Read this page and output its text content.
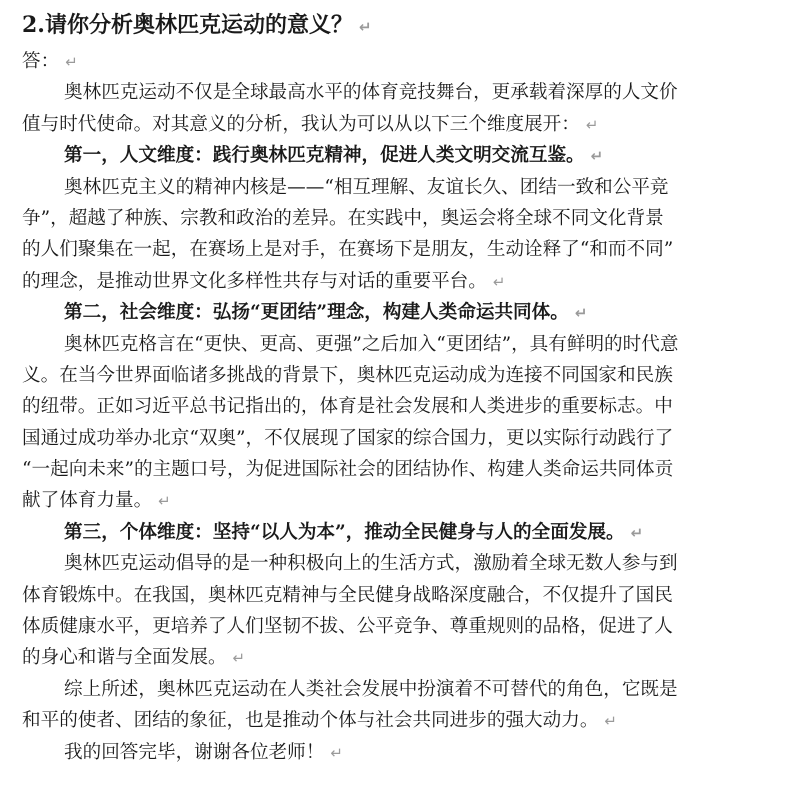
2.请你分析奥林匹克运动的意义？ ↵
答： ↵
奥林匹克运动不仅是全球最高水平的体育竞技舞台，更承载着深厚的人文价
值与时代使命。对其意义的分析，我认为可以从以下三个维度展开： ↵
第一，人文维度：践行奥林匹克精神，促进人类文明交流互鉴。 ↵
奥林匹克主义的精神内核是——“相互理解、友谊长久、团结一致和公平竞
争”，超越了种族、宗教和政治的差异。在实践中，奥运会将全球不同文化背景
的人们聚集在一起，在赛场上是对手，在赛场下是朋友，生动诠释了“和而不同”
的理念，是推动世界文化多样性共存与对话的重要平台。 ↵
第二，社会维度：弘扬“更团结”理念，构建人类命运共同体。 ↵
奥林匹克格言在“更快、更高、更强”之后加入“更团结”，具有鲜明的时代意
义。在当今世界面临诸多挑战的背景下，奥林匹克运动成为连接不同国家和民族
的纽带。正如习近平总书记指出的，体育是社会发展和人类进步的重要标志。中
国通过成功举办北京“双奥”，不仅展现了国家的综合国力，更以实际行动践行了
“一起向未来”的主题口号，为促进国际社会的团结协作、构建人类命运共同体贡
献了体育力量。 ↵
第三，个体维度：坚持“以人为本”，推动全民健身与人的全面发展。 ↵
奥林匹克运动倡导的是一种积极向上的生活方式，激励着全球无数人参与到
体育锻炼中。在我国，奥林匹克精神与全民健身战略深度融合，不仅提升了国民
体质健康水平，更培养了人们坚韧不拔、公平竞争、尊重规则的品格，促进了人
的身心和谐与全面发展。 ↵
综上所述，奥林匹克运动在人类社会发展中扮演着不可替代的角色，它既是
和平的使者、团结的象征，也是推动个体与社会共同进步的强大动力。 ↵
我的回答完毕，谢谢各位老师！ ↵
